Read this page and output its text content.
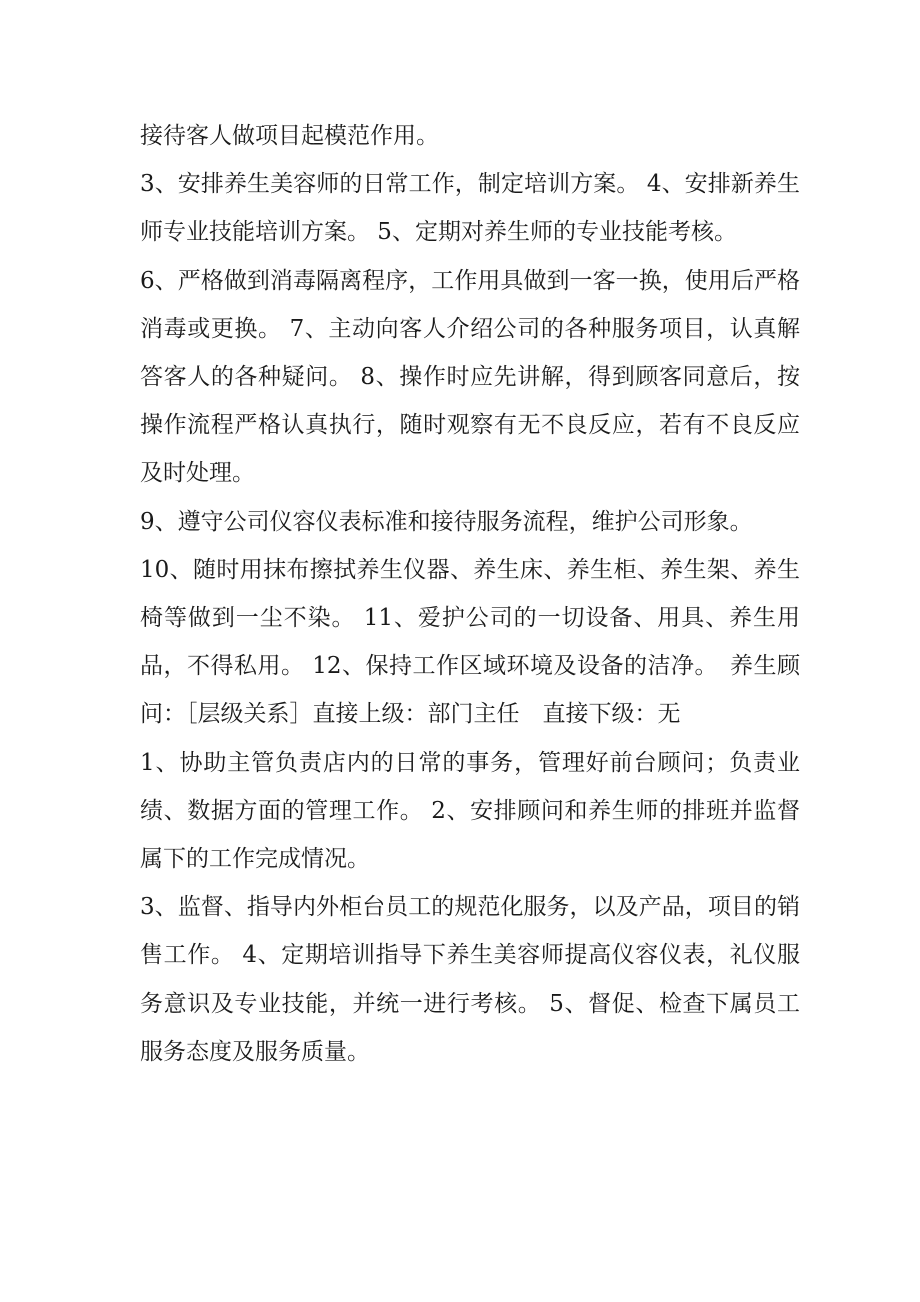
接待客人做项目起模范作用。

3、安排养生美容师的日常工作，制定培训方案。 4、安排新养生师专业技能培训方案。 5、定期对养生师的专业技能考核。

6、严格做到消毒隔离程序，工作用具做到一客一换，使用后严格消毒或更换。 7、主动向客人介绍公司的各种服务项目，认真解答客人的各种疑问。 8、操作时应先讲解，得到顾客同意后，按操作流程严格认真执行，随时观察有无不良反应，若有不良反应及时处理。

9、遵守公司仪容仪表标准和接待服务流程，维护公司形象。

10、随时用抹布擦拭养生仪器、养生床、养生柜、养生架、养生椅等做到一尘不染。 11、爱护公司的一切设备、用具、养生用品，不得私用。 12、保持工作区域环境及设备的洁净。　养生顾问：［层级关系］直接上级：部门主任　直接下级：无

1、协助主管负责店内的日常的事务，管理好前台顾问；负责业绩、数据方面的管理工作。 2、安排顾问和养生师的排班并监督属下的工作完成情况。

3、监督、指导内外柜台员工的规范化服务，以及产品，项目的销售工作。 4、定期培训指导下养生美容师提高仪容仪表，礼仪服务意识及专业技能，并统一进行考核。 5、督促、检查下属员工服务态度及服务质量。
